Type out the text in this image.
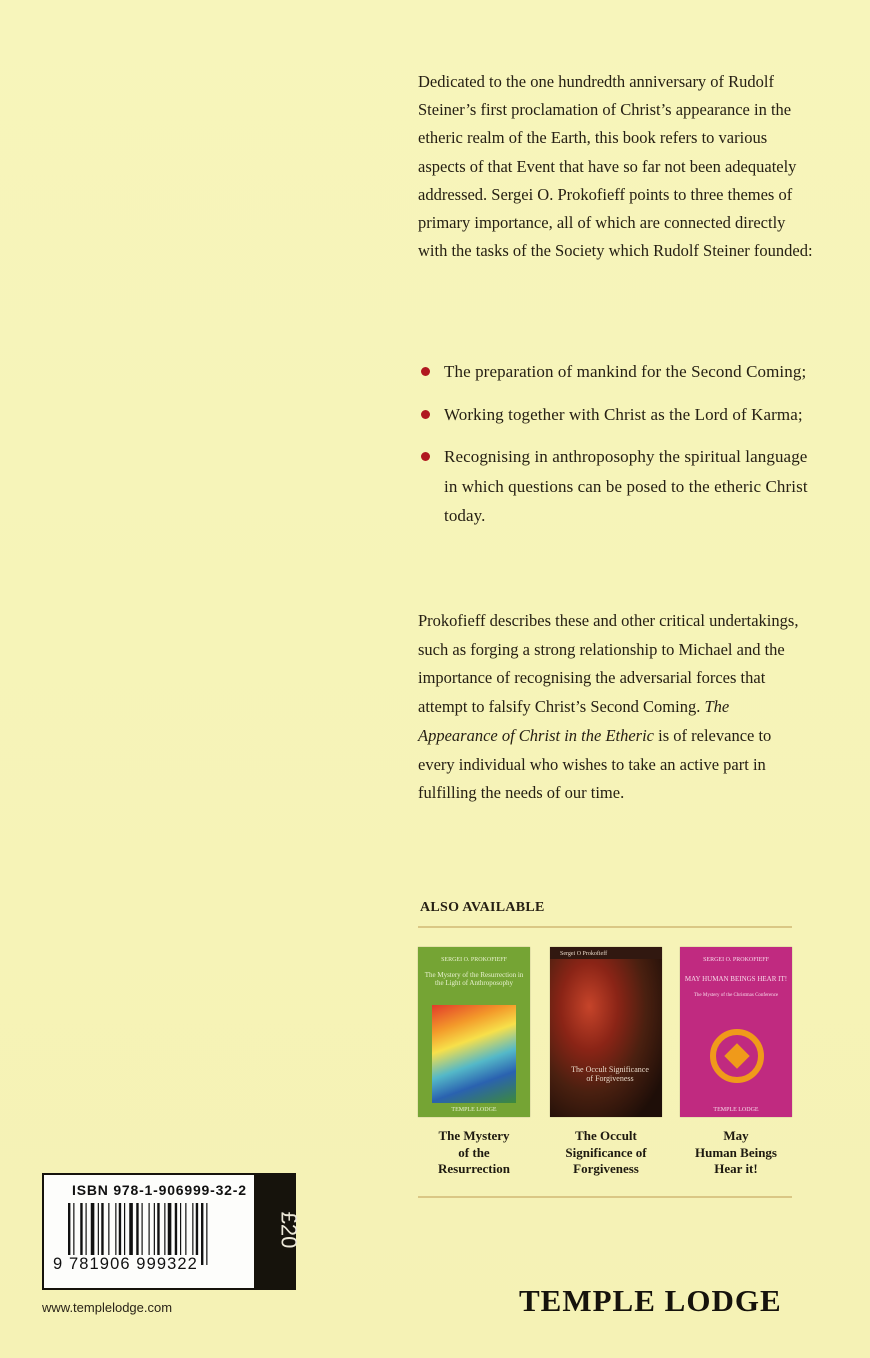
Dedicated to the one hundredth anniversary of Rudolf Steiner’s first proclamation of Christ’s appearance in the etheric realm of the Earth, this book refers to various aspects of that Event that have so far not been adequately addressed. Sergei O. Prokofieff points to three themes of primary importance, all of which are connected directly with the tasks of the Society which Rudolf Steiner founded:

The preparation of mankind for the Second Coming;
Working together with Christ as the Lord of Karma;
Recognising in anthroposophy the spiritual language in which questions can be posed to the etheric Christ today.

Prokofieff describes these and other critical undertakings, such as forging a strong relationship to Michael and the importance of recognising the adversarial forces that attempt to falsify Christ’s Second Coming. The Appearance of Christ in the Etheric is of relevance to every individual who wishes to take an active part in fulfilling the needs of our time.

ALSO AVAILABLE

SERGEI O. PROKOFIEFF
The Mystery of the Resurrection in the Light of Anthroposophy
TEMPLE LODGE
Sergei O Prokofieff
The Occult Significance of Forgiveness
SERGEI O. PROKOFIEFF
MAY HUMAN BEINGS HEAR IT!
The Mystery of the Christmas Conference
TEMPLE LODGE

The Mystery
of the
Resurrection

The Occult
Significance of
Forgiveness

May
Human Beings
Hear it!

ISBN 978-1-906999-32-2

9 781906 999322

£20

www.templelodge.com	TEMPLE LODGE
